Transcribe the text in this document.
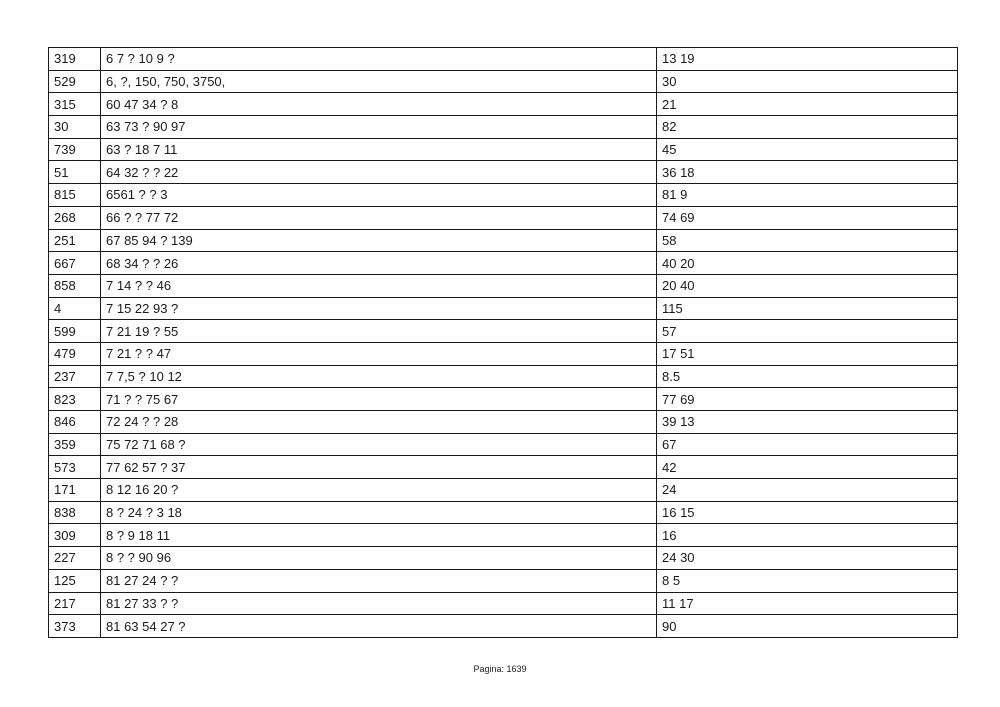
319	6 7 ? 10 9 ?	13 19
529	6, ?, 150, 750, 3750,	30
315	60 47 34 ? 8	21
30	63 73 ? 90 97	82
739	63 ? 18 7 11	45
51	64 32 ? ? 22	36 18
815	6561 ? ? 3	81 9
268	66 ? ? 77 72	74 69
251	67 85 94 ? 139	58
667	68 34 ? ? 26	40 20
858	7 14 ? ? 46	20 40
4	7 15 22 93 ?	115
599	7 21 19 ? 55	57
479	7 21 ? ? 47	17 51
237	7 7,5 ? 10 12	8.5
823	71 ? ? 75 67	77 69
846	72 24 ? ? 28	39 13
359	75 72 71 68 ?	67
573	77 62 57 ? 37	42
171	8 12 16 20 ?	24
838	8 ? 24 ? 3 18	16 15
309	8 ? 9 18 11	16
227	8 ? ? 90 96	24 30
125	81 27 24 ? ?	8 5
217	81 27 33 ? ?	11 17
373	81 63 54 27 ?	90
Pagina: 1639
